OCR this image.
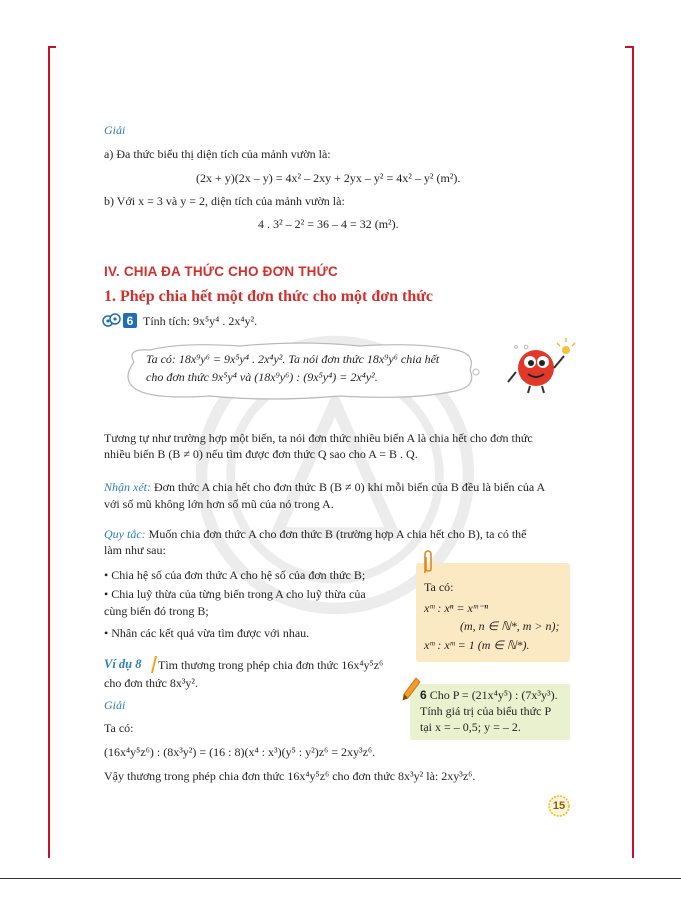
Giải
a) Đa thức biểu thị diện tích của mảnh vườn là:
(2x + y)(2x – y) = 4x² – 2xy + 2yx – y² = 4x² – y² (m²).
b) Với x = 3 và y = 2, diện tích của mảnh vườn là:
4 . 3² – 2² = 36 – 4 = 32 (m²).
IV. CHIA ĐA THỨC CHO ĐƠN THỨC
1. Phép chia hết một đơn thức cho một đơn thức
6 Tính tích: 9x⁵y⁴ . 2x⁴y².
Ta có: 18x⁹y⁶ = 9x⁵y⁴ . 2x⁴y². Ta nói đơn thức 18x⁹y⁶ chia hết
cho đơn thức 9x⁵y⁴ và (18x⁹y⁶) : (9x⁵y⁴) = 2x⁴y².
Tương tự như trường hợp một biến, ta nói đơn thức nhiều biến A là chia hết cho đơn thức
nhiều biến B (B ≠ 0) nếu tìm được đơn thức Q sao cho A = B . Q.
Nhận xét: Đơn thức A chia hết cho đơn thức B (B ≠ 0) khi mỗi biến của B đều là biến của A
với số mũ không lớn hơn số mũ của nó trong A.
Quy tắc: Muốn chia đơn thức A cho đơn thức B (trường hợp A chia hết cho B), ta có thể
làm như sau:
• Chia hệ số của đơn thức A cho hệ số của đơn thức B;
• Chia luỹ thừa của từng biến trong A cho luỹ thừa của
cùng biến đó trong B;
• Nhân các kết quả vừa tìm được với nhau.
Ta có:
xᵐ : xⁿ = xᵐ⁻ⁿ
(m, n ∈ ℕ*, m > n);
xᵐ : xᵐ = 1 (m ∈ ℕ*).
Ví dụ 8 Tìm thương trong phép chia đơn thức 16x⁴y⁵z⁶
cho đơn thức 8x³y².
Giải
Ta có:
(16x⁴y⁵z⁶) : (8x³y²) = (16 : 8)(x⁴ : x³)(y⁵ : y²)z⁶ = 2xy³z⁶.
Vậy thương trong phép chia đơn thức 16x⁴y⁵z⁶ cho đơn thức 8x³y² là: 2xy³z⁶.
6 Cho P = (21x⁴y⁵) : (7x³y³).
Tính giá trị của biểu thức P
tại x = – 0,5; y = – 2.
15
